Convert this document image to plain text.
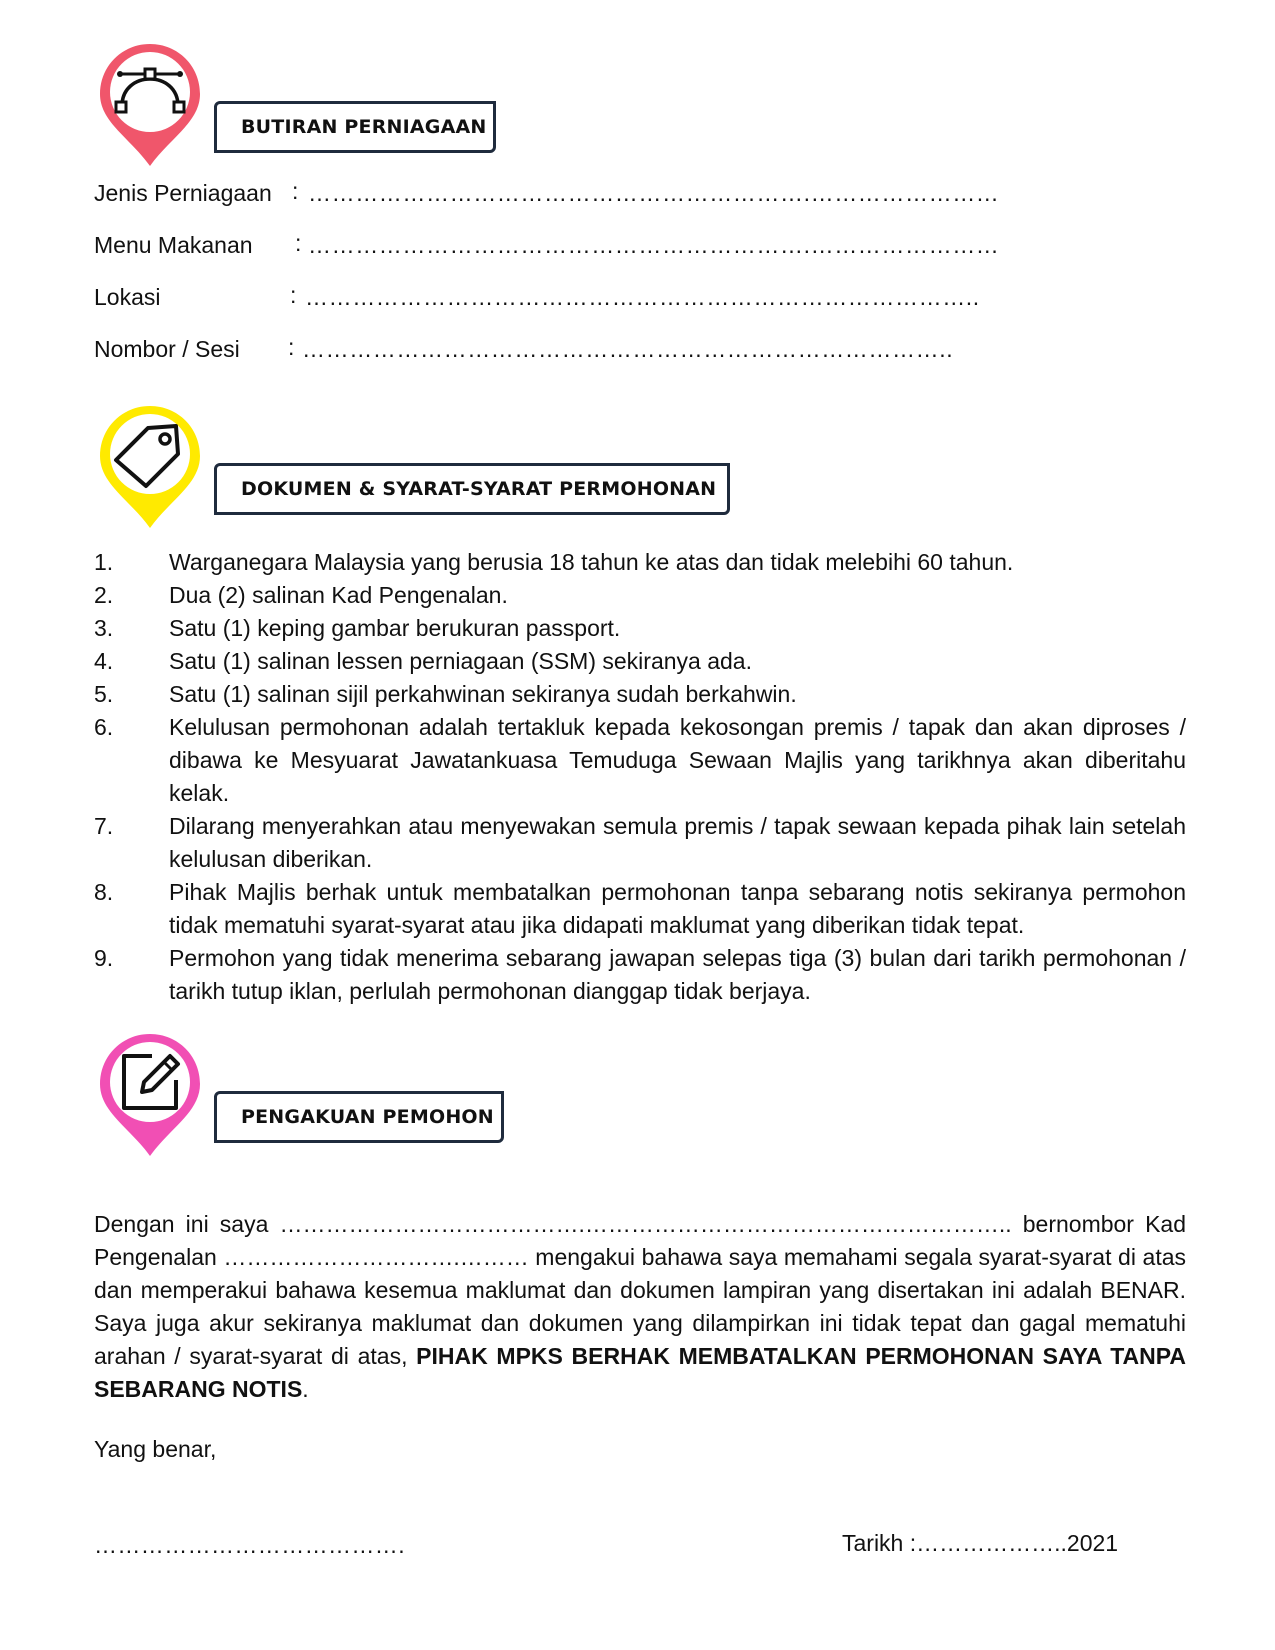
BUTIRAN PERNIAGAAN
Jenis Perniagaan : ……………………………………………………….……………………
Menu Makanan : ……………………………………………………….……………………
Lokasi	: …………………………………………………………………………..
Nombor / Sesi : ………………………………………………………………………..
DOKUMEN & SYARAT-SYARAT PERMOHONAN
1.	Warganegara Malaysia yang berusia 18 tahun ke atas dan tidak melebihi 60 tahun.
2.	Dua (2) salinan Kad Pengenalan.
3.	Satu (1) keping gambar berukuran passport.
4.	Satu (1) salinan lessen perniagaan (SSM) sekiranya ada.
5.	Satu (1) salinan sijil perkahwinan sekiranya sudah berkahwin.
6.	Kelulusan permohonan adalah tertakluk kepada kekosongan premis / tapak dan akan diproses / dibawa ke Mesyuarat Jawatankuasa Temuduga Sewaan Majlis yang tarikhnya akan diberitahu kelak.
7.	Dilarang menyerahkan atau menyewakan semula premis / tapak sewaan kepada pihak lain setelah kelulusan diberikan.
8.	Pihak Majlis berhak untuk membatalkan permohonan tanpa sebarang notis sekiranya permohon tidak mematuhi syarat-syarat atau jika didapati maklumat yang diberikan tidak tepat.
9.	Permohon yang tidak menerima sebarang jawapan selepas tiga (3) bulan dari tarikh permohonan / tarikh tutup iklan, perlulah permohonan dianggap tidak berjaya.
PENGAKUAN PEMOHON

Dengan ini saya ………………………………….……………………………………………….. bernombor Kad Pengenalan ………………………….……… mengakui bahawa saya memahami segala syarat-syarat di atas dan memperakui bahawa kesemua maklumat dan dokumen lampiran yang disertakan ini adalah BENAR. Saya juga akur sekiranya maklumat dan dokumen yang dilampirkan ini tidak tepat dan gagal mematuhi arahan / syarat-syarat di atas, PIHAK MPKS BERHAK MEMBATALKAN PERMOHONAN SAYA TANPA SEBARANG NOTIS.

Yang benar,
………………………………….	Tarikh :………………..2021
